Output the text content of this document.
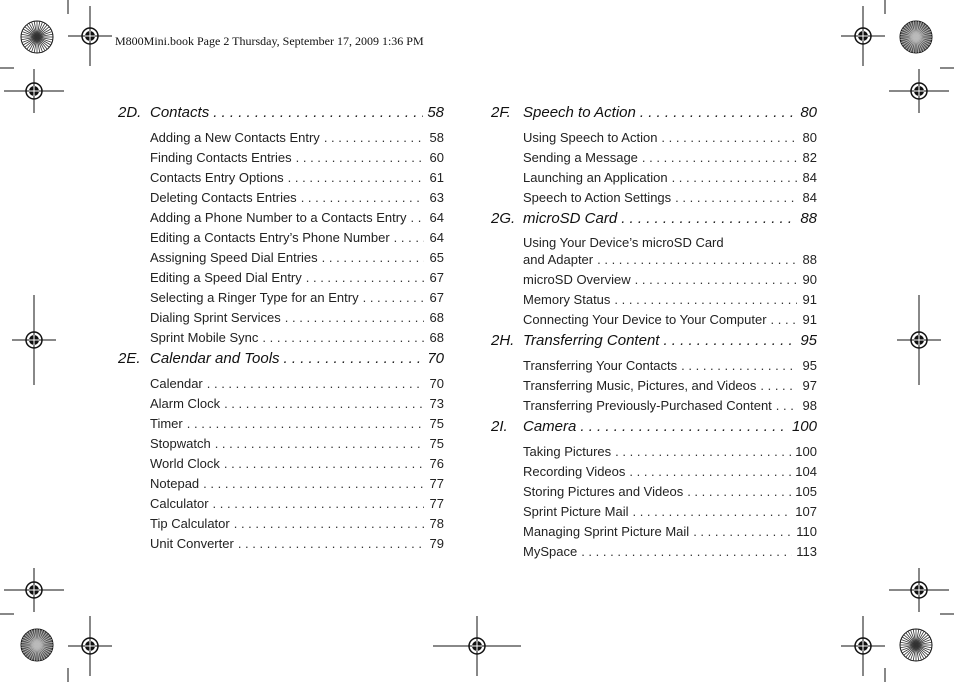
M800Mini.book Page 2 Thursday, September 17, 2009 1:36 PM
2D. Contacts . . .	58
Adding a New Contacts Entry . . .	58
Finding Contacts Entries . . .	60
Contacts Entry Options . . .	61
Deleting Contacts Entries . . .	63
Adding a Phone Number to a Contacts Entry . . . 64
Editing a Contacts Entry’s Phone Number . . .	64
Assigning Speed Dial Entries . . .	65
Editing a Speed Dial Entry . . .	67
Selecting a Ringer Type for an Entry . . .	67
Dialing Sprint Services . . .	68
Sprint Mobile Sync . . .	68
2E. Calendar and Tools . . .	70
Calendar . . .	70
Alarm Clock . . .	73
Timer . . .	75
Stopwatch . . .	75
World Clock . . .	76
Notepad . . .	77
Calculator . . .	77
Tip Calculator . . .	78
Unit Converter . . .	79
2F. Speech to Action . . .	80
Using Speech to Action . . .	80
Sending a Message . . .	82
Launching an Application . . .	84
Speech to Action Settings . . .	84
2G. microSD Card . . .	88
Using Your Device’s microSD Card
and Adapter . . .	88
microSD Overview . . .	90
Memory Status . . .	91
Connecting Your Device to Your Computer . . .	91
2H. Transferring Content . . .	95
Transferring Your Contacts . . .	95
Transferring Music, Pictures, and Videos . . .	97
Transferring Previously-Purchased Content . . . 98
2I.	Camera . . .	100
Taking Pictures . . .	100
Recording Videos . . .	104
Storing Pictures and Videos . . .	105
Sprint Picture Mail . . .	107
Managing Sprint Picture Mail . . .	110
MySpace . . .	113
